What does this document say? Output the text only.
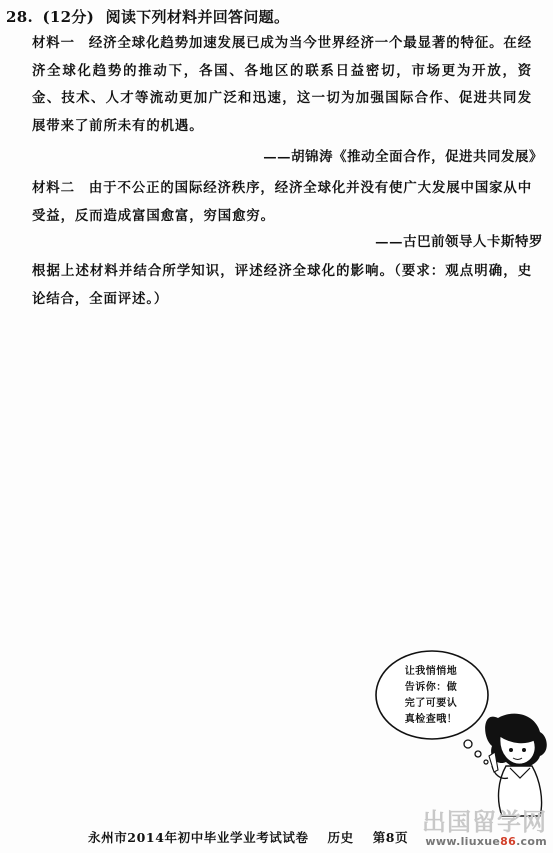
28. (12分) 阅读下列材料并回答问题。
材料一 经济全球化趋势加速发展已成为当今世界经济一个最显著的特征。在经济全球化趋势的推动下，各国、各地区的联系日益密切，市场更为开放，资金、技术、人才等流动更加广泛和迅速，这一切为加强国际合作、促进共同发展带来了前所未有的机遇。
——胡锦涛《推动全面合作，促进共同发展》
材料二 由于不公正的国际经济秩序，经济全球化并没有使广大发展中国家从中受益，反而造成富国愈富，穷国愈穷。
——古巴前领导人卡斯特罗
根据上述材料并结合所学知识，评述经济全球化的影响。（要求：观点明确，史论结合，全面评述。）
让我悄悄地
告诉你：做
完了可要认
真检查哦！
永州市2014年初中毕业学业考试试卷 历史 第8页
出国留学网
www.liuxue86.com
